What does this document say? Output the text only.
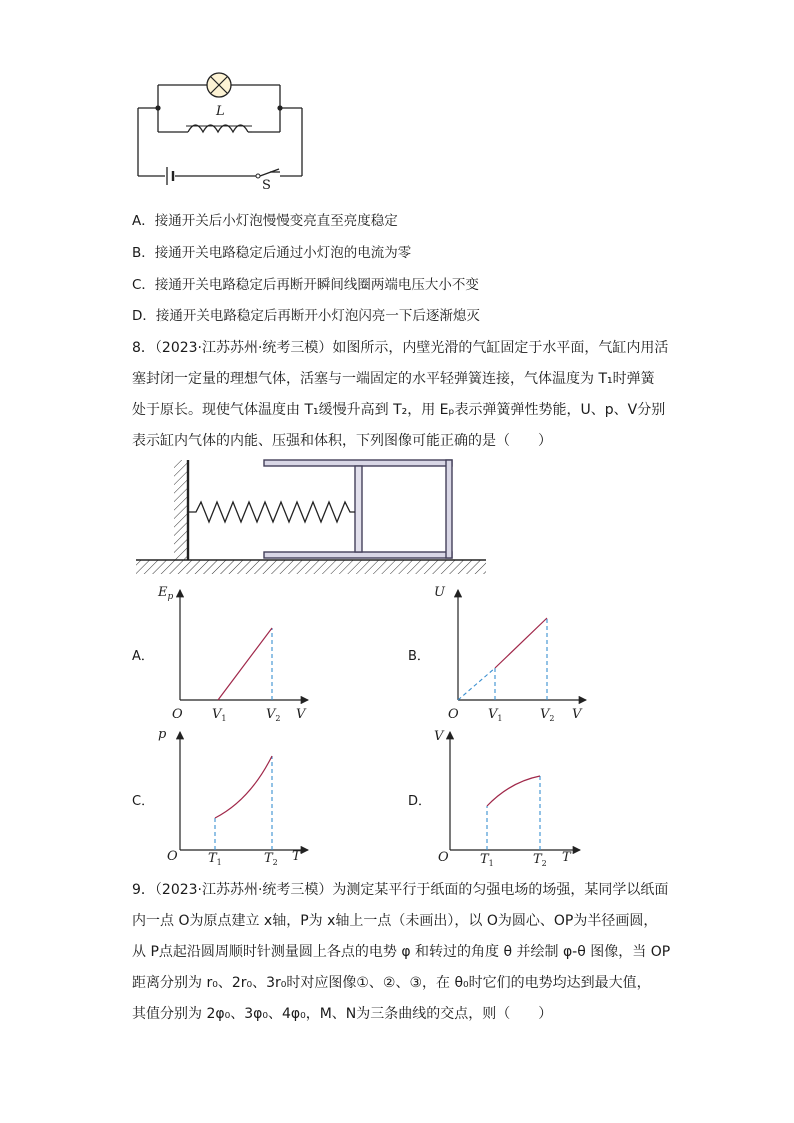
L
S
A．接通开关后小灯泡慢慢变亮直至亮度稳定
B．接通开关电路稳定后通过小灯泡的电流为零
C．接通开关电路稳定后再断开瞬间线圈两端电压大小不变
D．接通开关电路稳定后再断开小灯泡闪亮一下后逐渐熄灭
8．（2023·江苏苏州·统考三模）如图所示，内壁光滑的气缸固定于水平面，气缸内用活
塞封闭一定量的理想气体，活塞与一端固定的水平轻弹簧连接，气体温度为 T₁时弹簧
处于原长。现使气体温度由 T₁缓慢升高到 T₂，用 Eₚ表示弹簧弹性势能，U、p、V分别
表示缸内气体的内能、压强和体积，下列图像可能正确的是（　　）
A．
$E_p$
O	V
$V_1$	$V_2$
B．
U
O	V
$V_1$	$V_2$
C．
p
O	T
$T_1$	$T_2$
D．
V
O	T
$T_1$	$T_2$
9．（2023·江苏苏州·统考三模）为测定某平行于纸面的匀强电场的场强，某同学以纸面
内一点 O为原点建立 x轴，P为 x轴上一点（未画出），以 O为圆心、OP为半径画圆，
从 P点起沿圆周顺时针测量圆上各点的电势 φ 和转过的角度 θ 并绘制 φ-θ 图像，当 OP
距离分别为 r₀、2r₀、3r₀时对应图像①、②、③，在 θ₀时它们的电势均达到最大值，
其值分别为 2φ₀、3φ₀、4φ₀，M、N为三条曲线的交点，则（　　）
